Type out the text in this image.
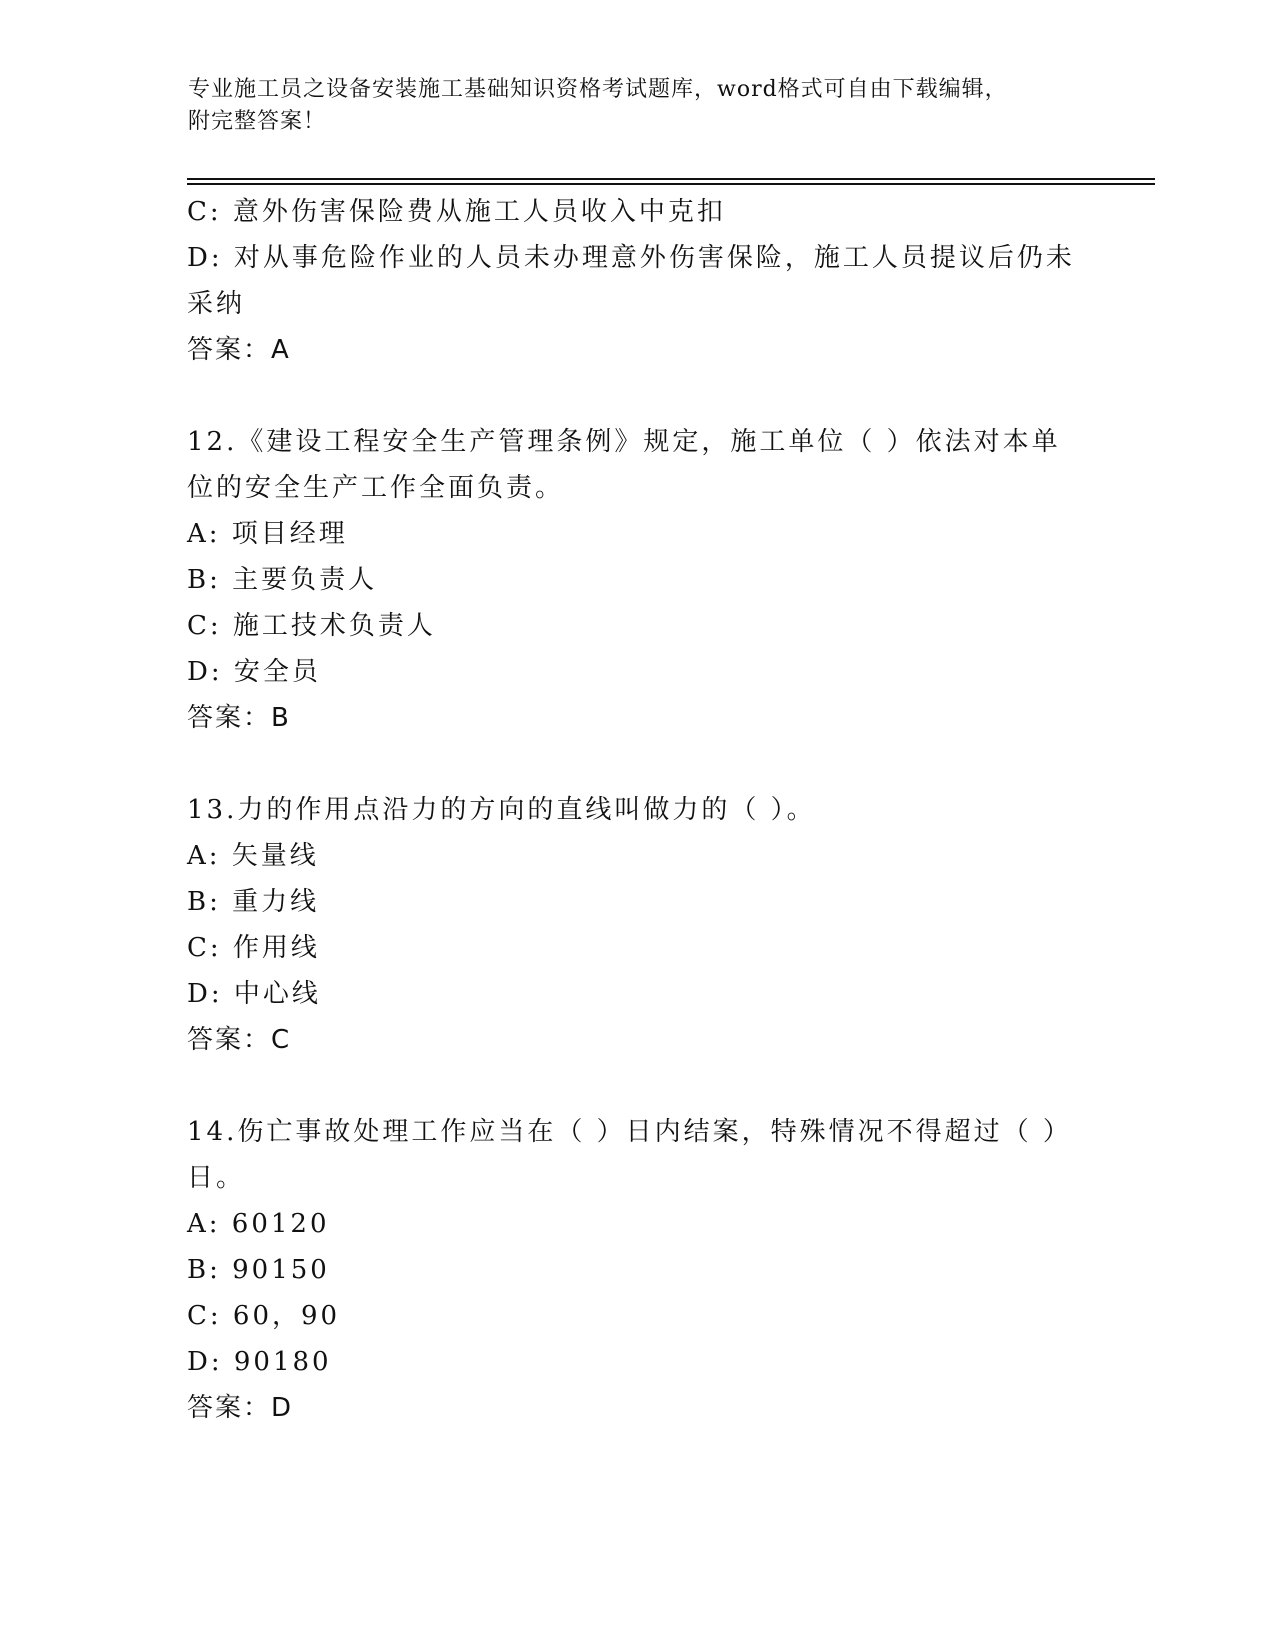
专业施工员之设备安装施工基础知识资格考试题库，word格式可自由下载编辑，
附完整答案！
C: 意外伤害保险费从施工人员收入中克扣
D: 对从事危险作业的人员未办理意外伤害保险，施工人员提议后仍未
采纳
答案：A
12.《建设工程安全生产管理条例》规定，施工单位（ ）依法对本单
位的安全生产工作全面负责。
A: 项目经理
B: 主要负责人
C: 施工技术负责人
D: 安全员
答案：B
13.力的作用点沿力的方向的直线叫做力的（ ）。
A: 矢量线
B: 重力线
C: 作用线
D: 中心线
答案：C
14.伤亡事故处理工作应当在（ ）日内结案，特殊情况不得超过（ ）
日。
A: 60120
B: 90150
C: 60，90
D: 90180
答案：D
